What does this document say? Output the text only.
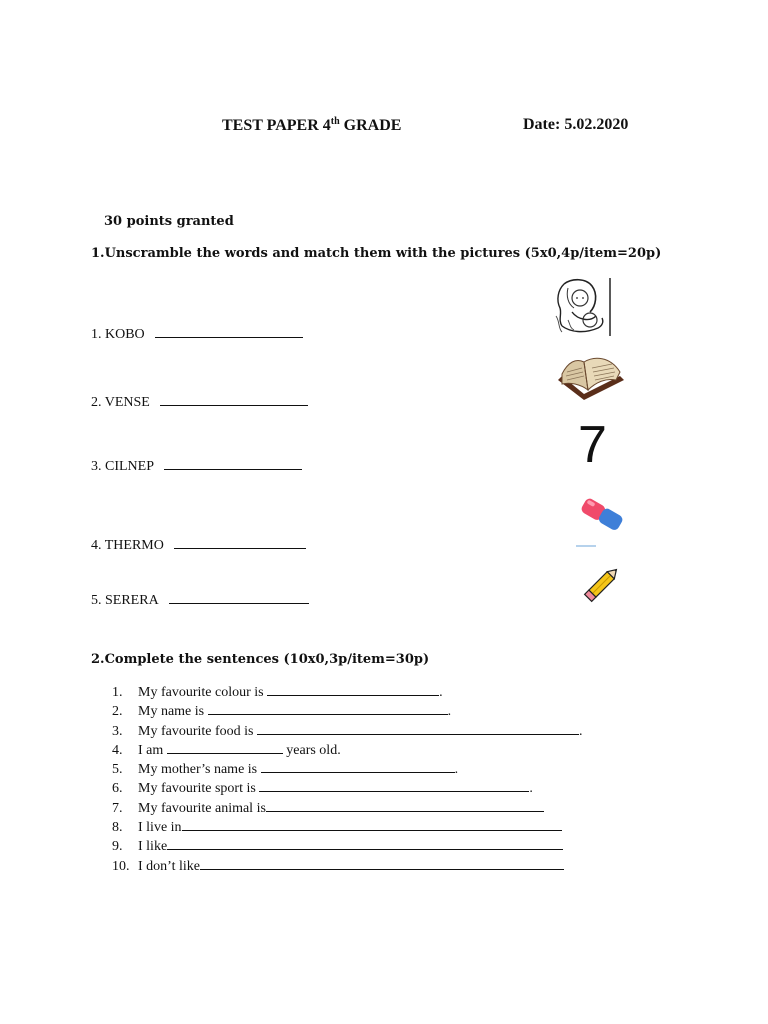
TEST PAPER 4th GRADE	Date: 5.02.2020
30 points granted
1.Unscramble the words and match them with the pictures (5x0,4p/item=20p)
1. KOBO
2. VENSE
3. CILNEP
4. THERMO
5. SERERA
7
2.Complete the sentences (10x0,3p/item=30p)
1. My favourite colour is	.
2. My name is	.
3. My favourite food is	.
4. I am	years old.
5. My mother’s name is	.
6. My favourite sport is	.
7. My favourite animal is
8. I live in
9. I like
10. I don’t like
